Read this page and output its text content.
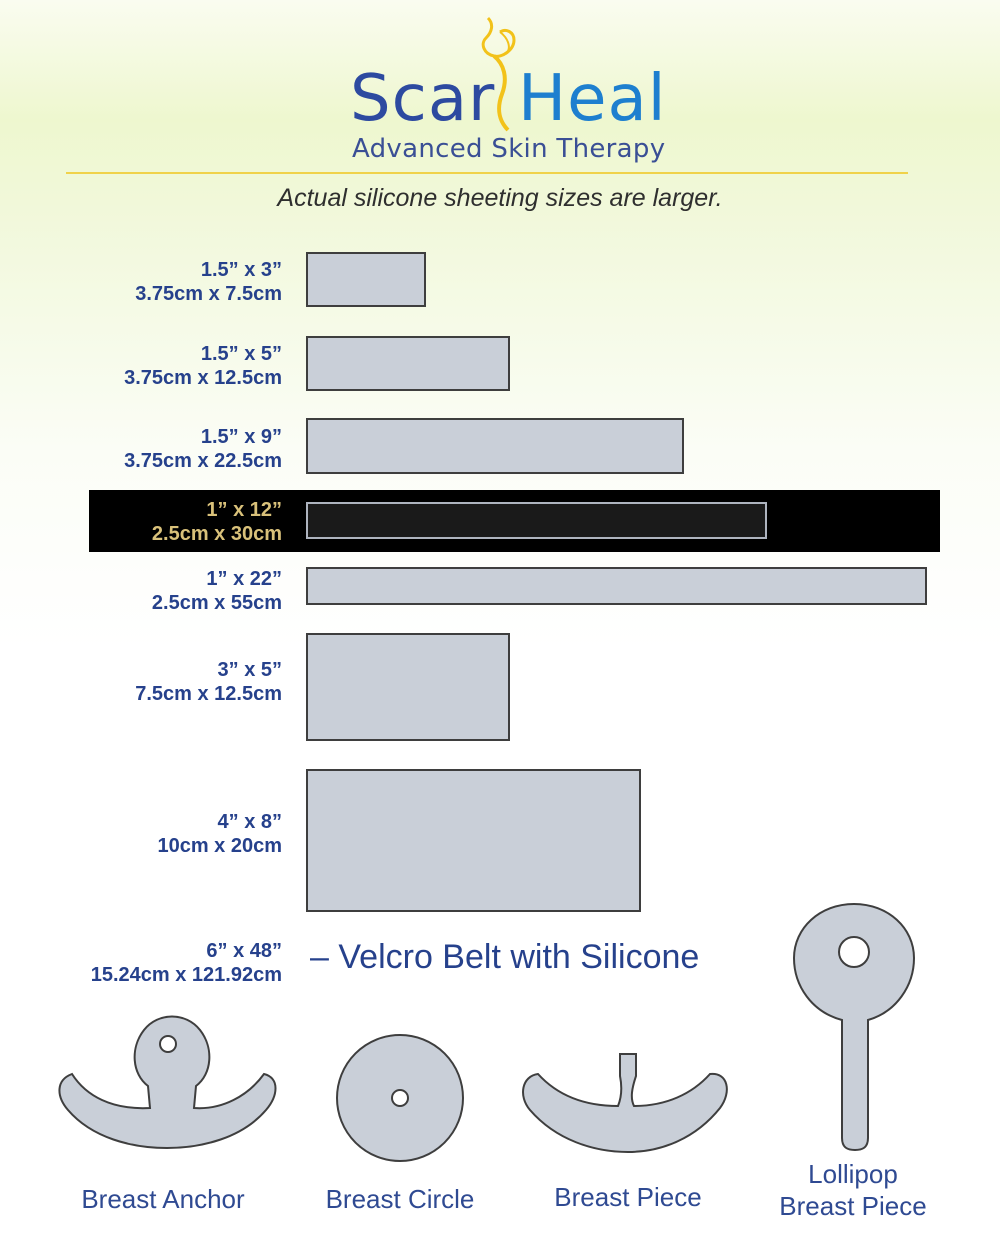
Scar Heal
Advanced Skin Therapy
Actual silicone sheeting sizes are larger.
1.5” x 3”
3.75cm x 7.5cm
1.5” x 5”
3.75cm x 12.5cm
1.5” x 9”
3.75cm x 22.5cm
1” x 12”
2.5cm x 30cm
1” x 22”
2.5cm x 55cm
3” x 5”
7.5cm x 12.5cm
4” x 8”
10cm x 20cm
6” x 48”
15.24cm x 121.92cm – Velcro Belt with Silicone
Breast Anchor	Breast Circle	Breast Piece
Lollipop
Breast Piece
